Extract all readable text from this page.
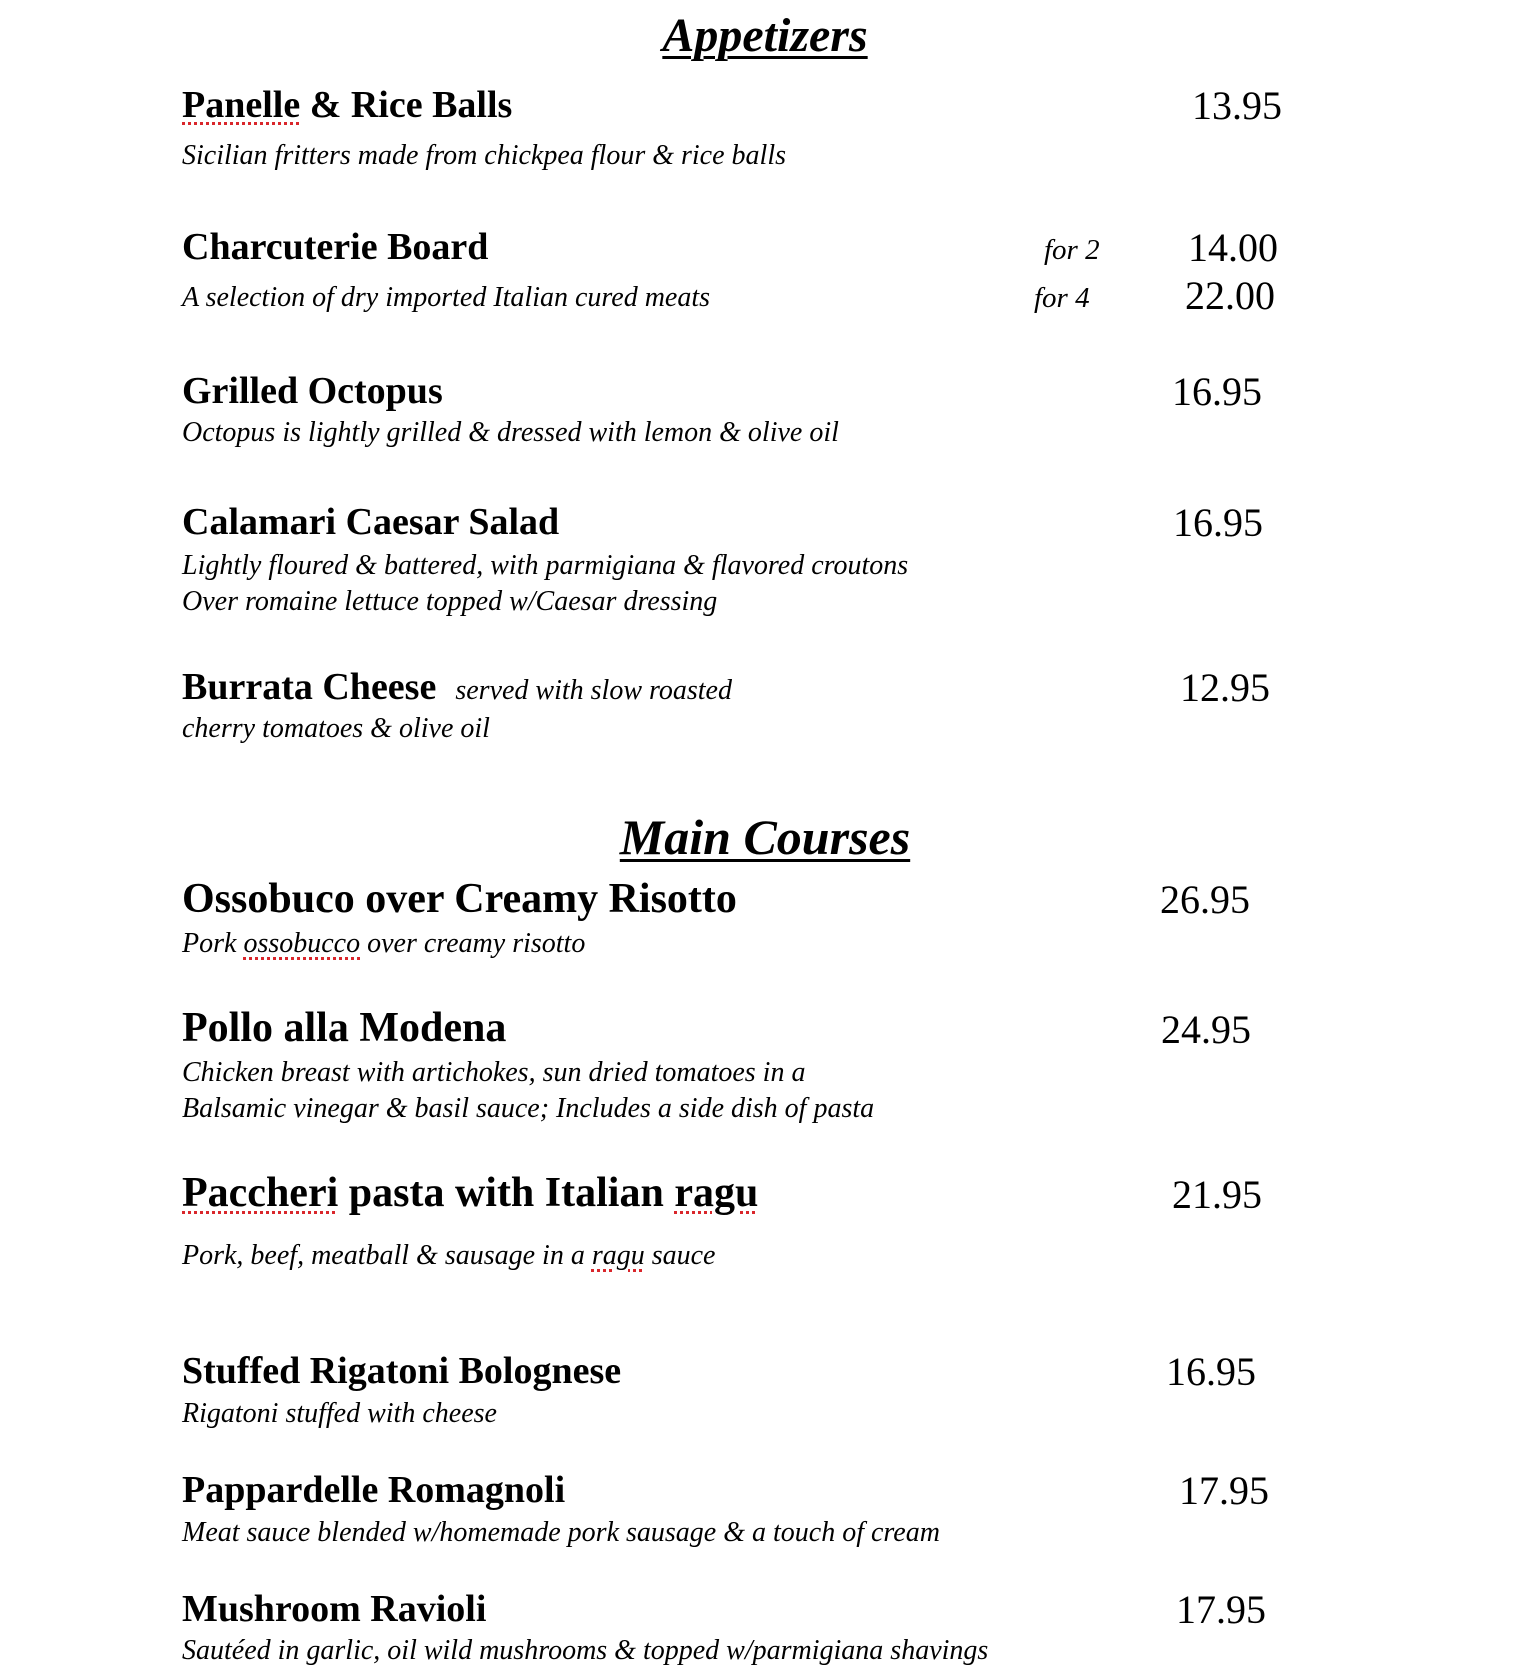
Appetizers
Panelle & Rice Balls	13.95
Sicilian fritters made from chickpea flour & rice balls
Charcuterie Board	for 2 14.00
A selection of dry imported Italian cured meats	for 4 22.00
Grilled Octopus	16.95
Octopus is lightly grilled & dressed with lemon & olive oil
Calamari Caesar Salad	16.95
Lightly floured & battered, with parmigiana & flavored croutons
Over romaine lettuce topped w/Caesar dressing
Burrata Cheese served with slow roasted	12.95
cherry tomatoes & olive oil
Main Courses
Ossobuco over Creamy Risotto	26.95
Pork ossobucco over creamy risotto
Pollo alla Modena	24.95
Chicken breast with artichokes, sun dried tomatoes in a
Balsamic vinegar & basil sauce; Includes a side dish of pasta
Paccheri pasta with Italian ragu	21.95
Pork, beef, meatball & sausage in a ragu sauce
Stuffed Rigatoni Bolognese	16.95
Rigatoni stuffed with cheese
Pappardelle Romagnoli	17.95
Meat sauce blended w/homemade pork sausage & a touch of cream
Mushroom Ravioli	17.95
Sautéed in garlic, oil wild mushrooms & topped w/parmigiana shavings
